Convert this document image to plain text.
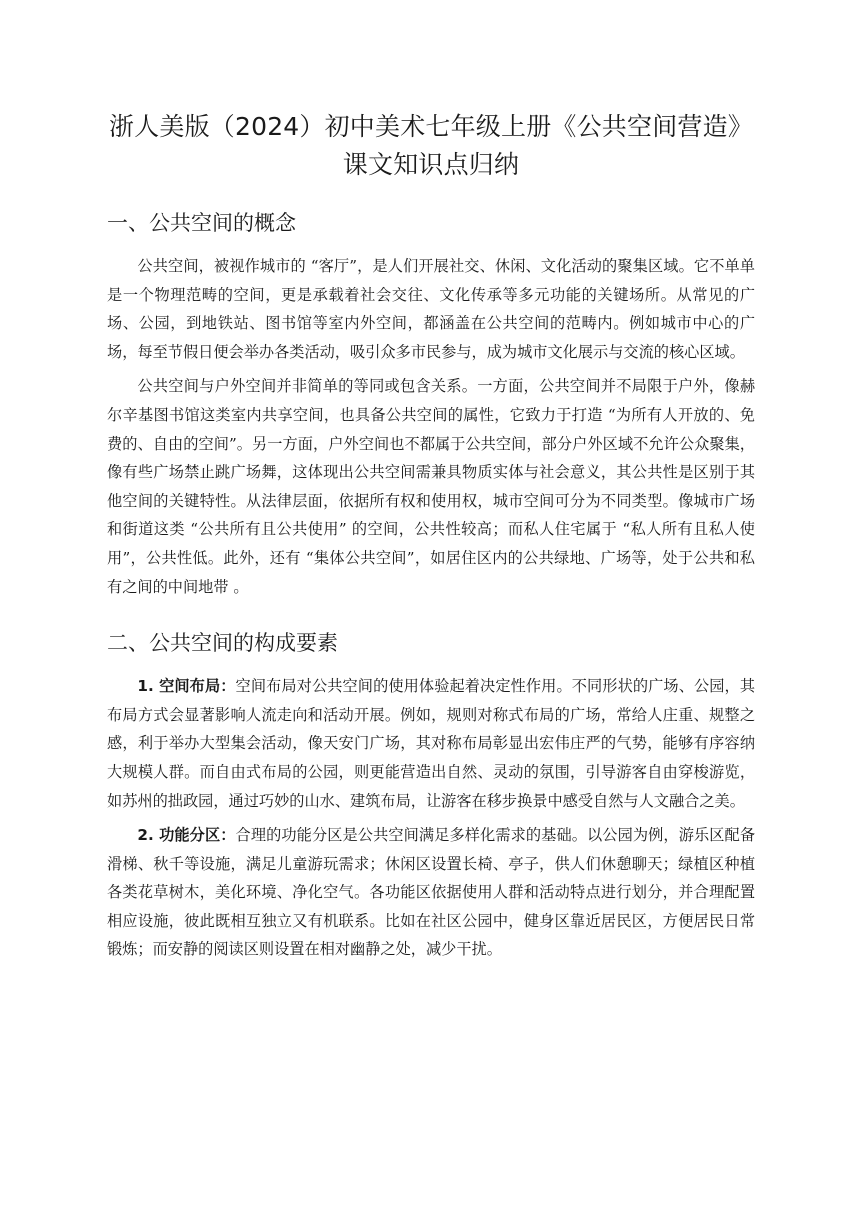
浙人美版（2024）初中美术七年级上册《公共空间营造》
课文知识点归纳
一、公共空间的概念

公共空间，被视作城市的 “客厅”，是人们开展社交、休闲、文化活动的聚集区域。它不单单是一个物理范畴的空间，更是承载着社会交往、文化传承等多元功能的关键场所。从常见的广场、公园，到地铁站、图书馆等室内外空间，都涵盖在公共空间的范畴内。例如城市中心的广场，每至节假日便会举办各类活动，吸引众多市民参与，成为城市文化展示与交流的核心区域。

公共空间与户外空间并非简单的等同或包含关系。一方面，公共空间并不局限于户外，像赫尔辛基图书馆这类室内共享空间，也具备公共空间的属性，它致力于打造 “为所有人开放的、免费的、自由的空间”。另一方面，户外空间也不都属于公共空间，部分户外区域不允许公众聚集，像有些广场禁止跳广场舞，这体现出公共空间需兼具物质实体与社会意义，其公共性是区别于其他空间的关键特性。从法律层面，依据所有权和使用权，城市空间可分为不同类型。像城市广场和街道这类 “公共所有且公共使用” 的空间，公共性较高；而私人住宅属于 “私人所有且私人使用”，公共性低。此外，还有 “集体公共空间”，如居住区内的公共绿地、广场等，处于公共和私有之间的中间地带 。

二、公共空间的构成要素

1. 空间布局：空间布局对公共空间的使用体验起着决定性作用。不同形状的广场、公园，其布局方式会显著影响人流走向和活动开展。例如，规则对称式布局的广场，常给人庄重、规整之感，利于举办大型集会活动，像天安门广场，其对称布局彰显出宏伟庄严的气势，能够有序容纳大规模人群。而自由式布局的公园，则更能营造出自然、灵动的氛围，引导游客自由穿梭游览，如苏州的拙政园，通过巧妙的山水、建筑布局，让游客在移步换景中感受自然与人文融合之美。

2. 功能分区：合理的功能分区是公共空间满足多样化需求的基础。以公园为例，游乐区配备滑梯、秋千等设施，满足儿童游玩需求；休闲区设置长椅、亭子，供人们休憩聊天；绿植区种植各类花草树木，美化环境、净化空气。各功能区依据使用人群和活动特点进行划分，并合理配置相应设施，彼此既相互独立又有机联系。比如在社区公园中，健身区靠近居民区，方便居民日常锻炼；而安静的阅读区则设置在相对幽静之处，减少干扰。
